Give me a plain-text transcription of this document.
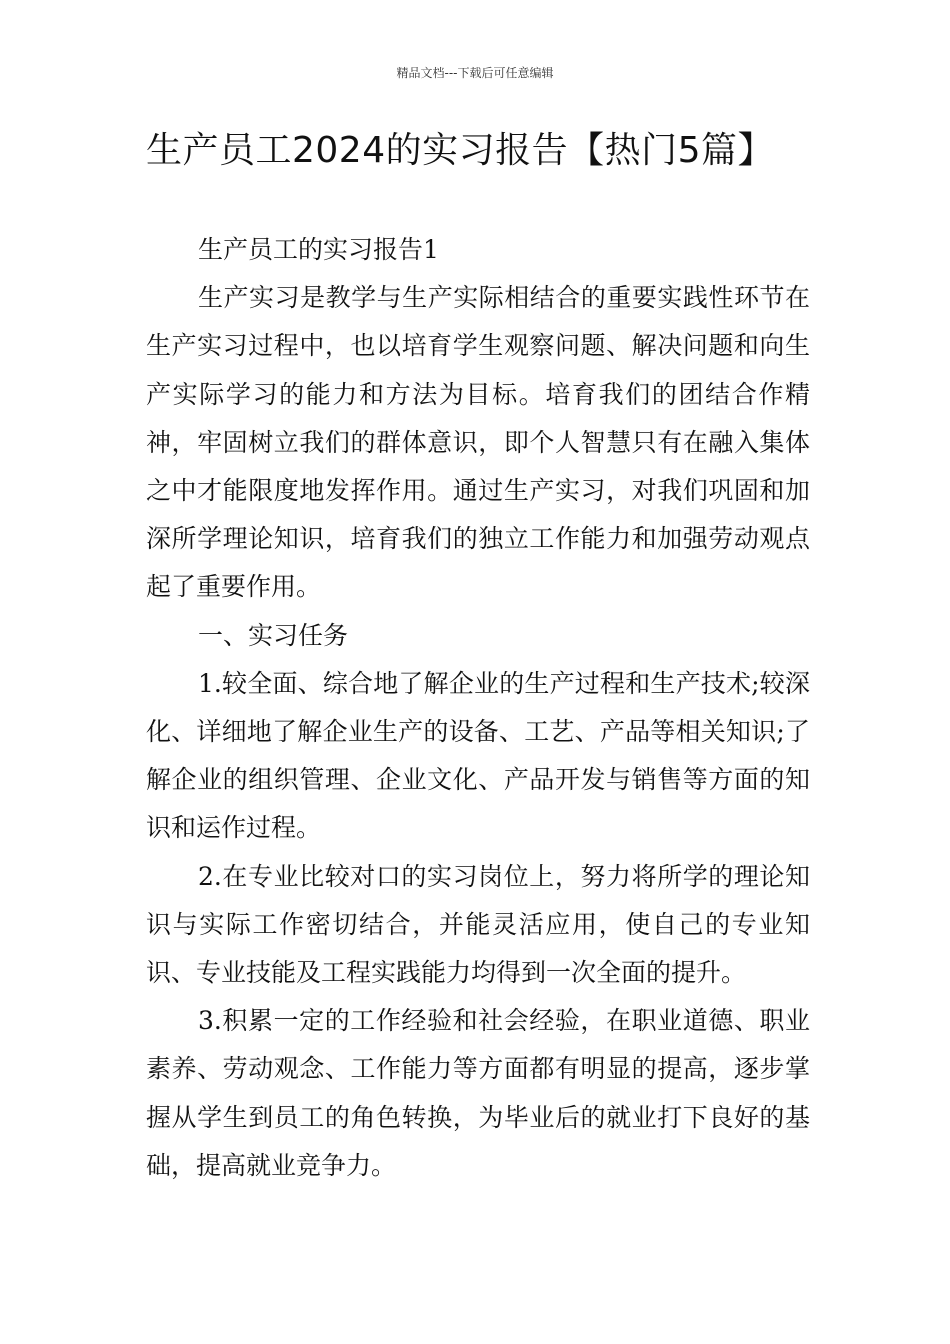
精品文档---下载后可任意编辑
生产员工2024的实习报告【热门5篇】

生产员工的实习报告1

生产实习是教学与生产实际相结合的重要实践性环节在生产实习过程中，也以培育学生观察问题、解决问题和向生产实际学习的能力和方法为目标。培育我们的团结合作精神，牢固树立我们的群体意识，即个人智慧只有在融入集体之中才能限度地发挥作用。通过生产实习，对我们巩固和加深所学理论知识，培育我们的独立工作能力和加强劳动观点起了重要作用。

一、实习任务

1.较全面、综合地了解企业的生产过程和生产技术;较深化、详细地了解企业生产的设备、工艺、产品等相关知识;了解企业的组织管理、企业文化、产品开发与销售等方面的知识和运作过程。

2.在专业比较对口的实习岗位上，努力将所学的理论知识与实际工作密切结合，并能灵活应用，使自己的专业知识、专业技能及工程实践能力均得到一次全面的提升。

3.积累一定的工作经验和社会经验，在职业道德、职业素养、劳动观念、工作能力等方面都有明显的提高，逐步掌握从学生到员工的角色转换，为毕业后的就业打下良好的基础，提高就业竞争力。
